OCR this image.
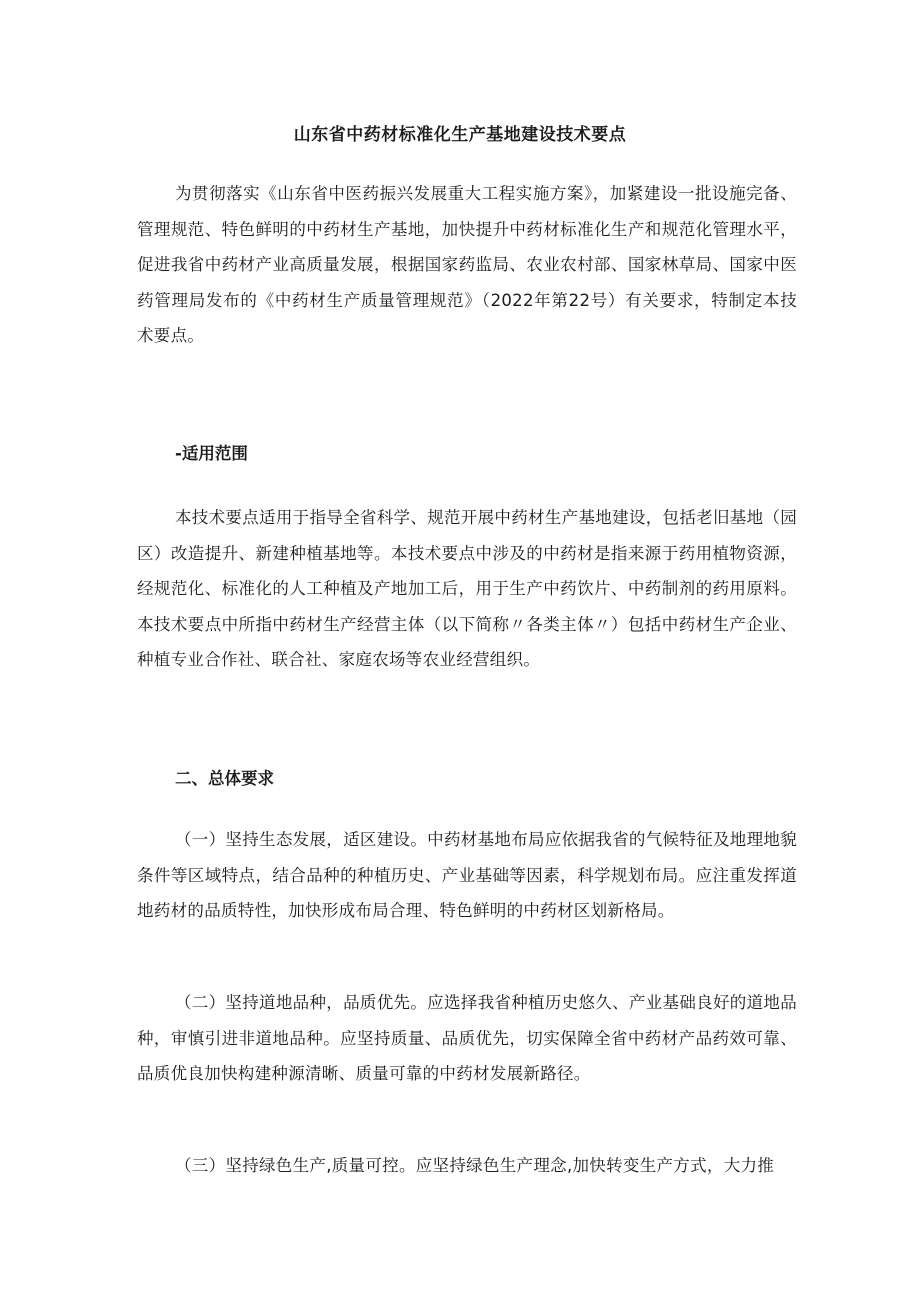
山东省中药材标准化生产基地建设技术要点
为贯彻落实《山东省中医药振兴发展重大工程实施方案》，加紧建设一批设施完备、管理规范、特色鲜明的中药材生产基地，加快提升中药材标准化生产和规范化管理水平，促进我省中药材产业高质量发展，根据国家药监局、农业农村部、国家林草局、国家中医药管理局发布的《中药材生产质量管理规范》（2022年第22号）有关要求，特制定本技术要点。
-适用范围
本技术要点适用于指导全省科学、规范开展中药材生产基地建设，包括老旧基地（园区）改造提升、新建种植基地等。本技术要点中涉及的中药材是指来源于药用植物资源，经规范化、标准化的人工种植及产地加工后，用于生产中药饮片、中药制剂的药用原料。本技术要点中所指中药材生产经营主体（以下简称〃各类主体〃）包括中药材生产企业、种植专业合作社、联合社、家庭农场等农业经营组织。
二、总体要求
（一）坚持生态发展，适区建设。中药材基地布局应依据我省的气候特征及地理地貌条件等区域特点，结合品种的种植历史、产业基础等因素，科学规划布局。应注重发挥道地药材的品质特性，加快形成布局合理、特色鲜明的中药材区划新格局。
（二）坚持道地品种，品质优先。应选择我省种植历史悠久、产业基础良好的道地品种，审慎引进非道地品种。应坚持质量、品质优先，切实保障全省中药材产品药效可靠、品质优良加快构建种源清晰、质量可靠的中药材发展新路径。
（三）坚持绿色生产,质量可控。应坚持绿色生产理念,加快转变生产方式，大力推
